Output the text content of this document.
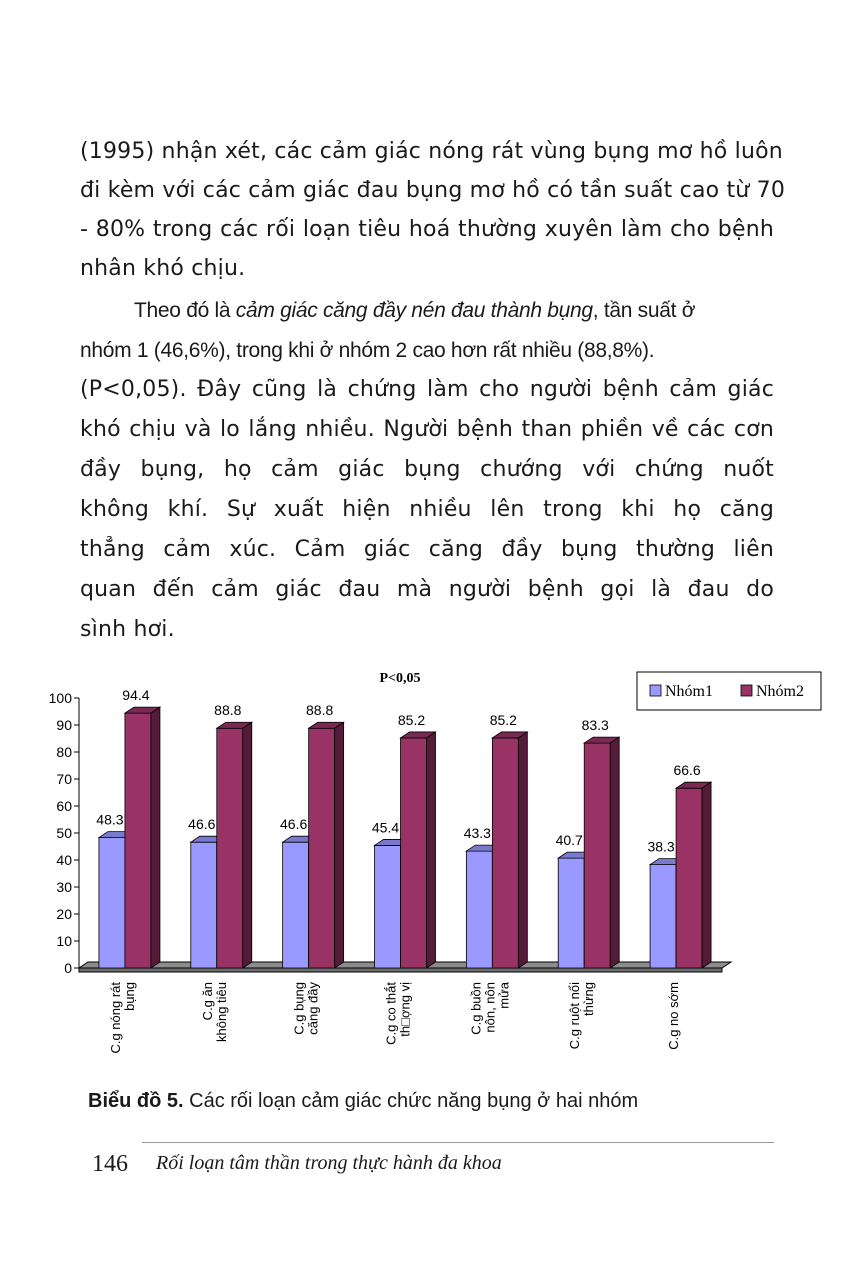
(1995) nhận xét, các cảm giác nóng rát vùng bụng mơ hồ luôn
đi kèm với các cảm giác đau bụng mơ hồ có tần suất cao từ 70
- 80% trong các rối loạn tiêu hoá thường xuyên làm cho bệnh
nhân khó chịu.
Theo đó là cảm giác căng đầy nén đau thành bụng, tần suất ở
nhóm 1 (46,6%), trong khi ở nhóm 2 cao hơn rất nhiều (88,8%).
(P<0,05). Đây cũng là chứng làm cho người bệnh cảm giác
khó chịu và lo lắng nhiều. Người bệnh than phiền về các cơn
đầy bụng, họ cảm giác bụng chướng với chứng nuốt
không khí. Sự xuất hiện nhiều lên trong khi họ căng
thẳng cảm xúc. Cảm giác căng đầy bụng thường liên
quan đến cảm giác đau mà người bệnh gọi là đau do
sình hơi.
0
10
20
30
40
50
60
70
80
90
100
48.3	46.6	46.6	45.4	43.3	40.7	38.3
94.4
88.8	88.8
85.2	85.2	83.3
66.6
C.g nóng rátbụng	C.g ănkhông tiêu	C.g bụngcăng đầy	C.g co thắtth□ợng vị	C.g buồnnôn, nônmửa	C.g ruột nổithừng	C.g no sớm
P<0,05
Nhóm1	Nhóm2
Biểu đồ 5. Các rối loạn cảm giác chức năng bụng ở hai nhóm
146 Rối loạn tâm thần trong thực hành đa khoa
